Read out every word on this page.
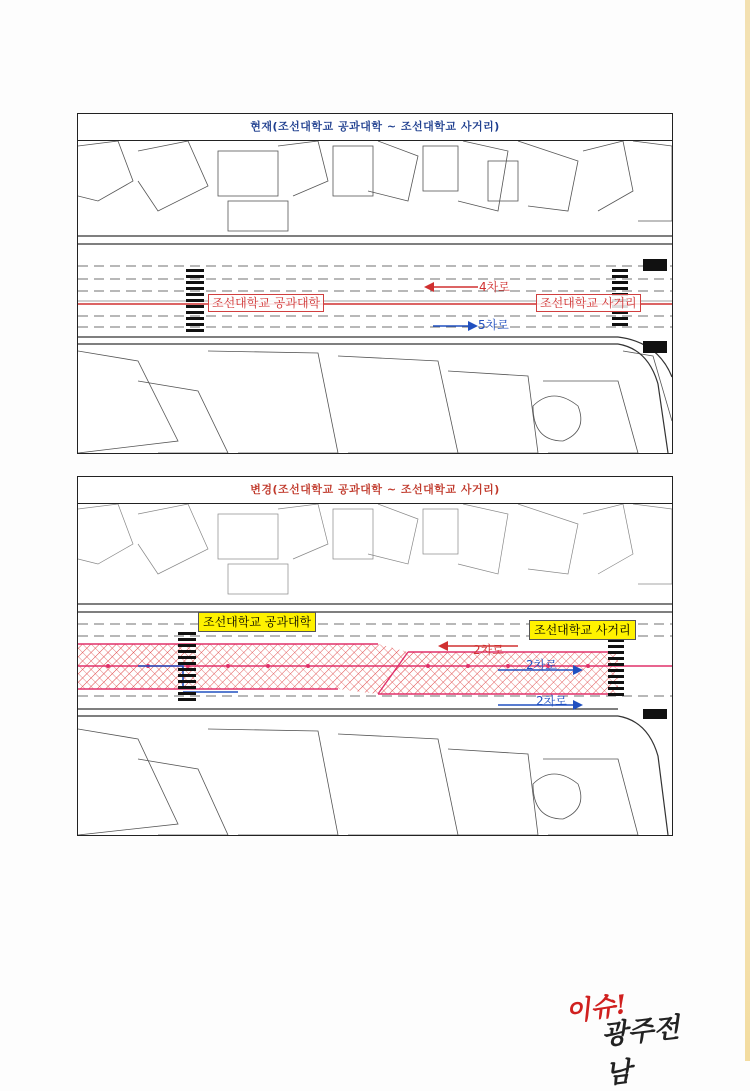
현재(조선대학교 공과대학 ~ 조선대학교 사거리)
조선대학교 공과대학	조선대학교 사거리
4차로
5차로
변경(조선대학교 공과대학 ~ 조선대학교 사거리)
조선대학교 공과대학
조선대학교 사거리
2차로
2차로
2차로
이슈!
광주전남
